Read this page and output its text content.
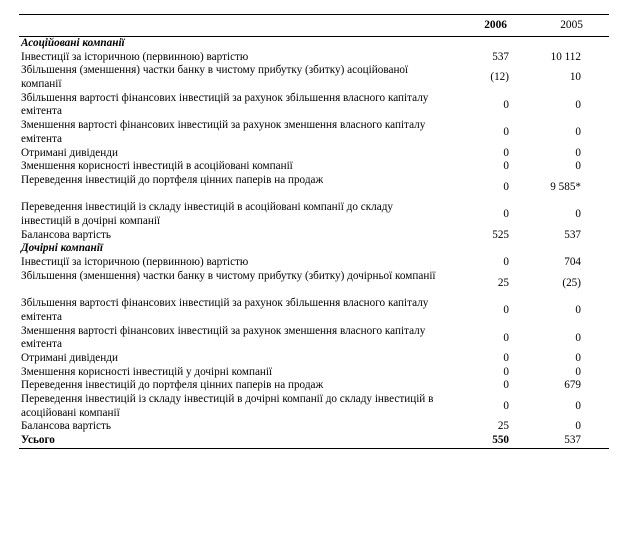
	2006	2005
Асоційовані компанії		
Інвестиції за історичною (первинною) вартістю	537	10 112
Збільшення (зменшення) частки банку в чистому прибутку (збитку) асоційованої компанії	(12)	10
Збільшення вартості фінансових інвестицій за рахунок збільшення власного капіталу емітента	0	0
Зменшення вартості фінансових інвестицій за рахунок зменшення власного капіталу емітента	0	0
Отримані дивіденди	0	0
Зменшення корисності інвестицій в асоційовані компанії	0	0
Переведення інвестицій до портфеля цінних паперів на продаж	0	9 585*
Переведення інвестицій із складу інвестицій в асоційовані компанії до складу інвестицій в дочірні компанії	0	0
Балансова вартість	525	537
Дочірні компанії		
Інвестиції за історичною (первинною) вартістю	0	704
Збільшення (зменшення) частки банку в чистому прибутку (збитку) дочірньої компанії	25	(25)
Збільшення вартості фінансових інвестицій за рахунок збільшення власного капіталу емітента	0	0
Зменшення вартості фінансових інвестицій за рахунок зменшення власного капіталу емітента	0	0
Отримані дивіденди	0	0
Зменшення корисності інвестицій у дочірні компанії	0	0
Переведення інвестицій до портфеля цінних паперів на продаж	0	679
Переведення інвестицій із складу інвестицій в дочірні компанії до складу інвестицій в асоційовані компанії	0	0
Балансова вартість	25	0
Усього	550	537
